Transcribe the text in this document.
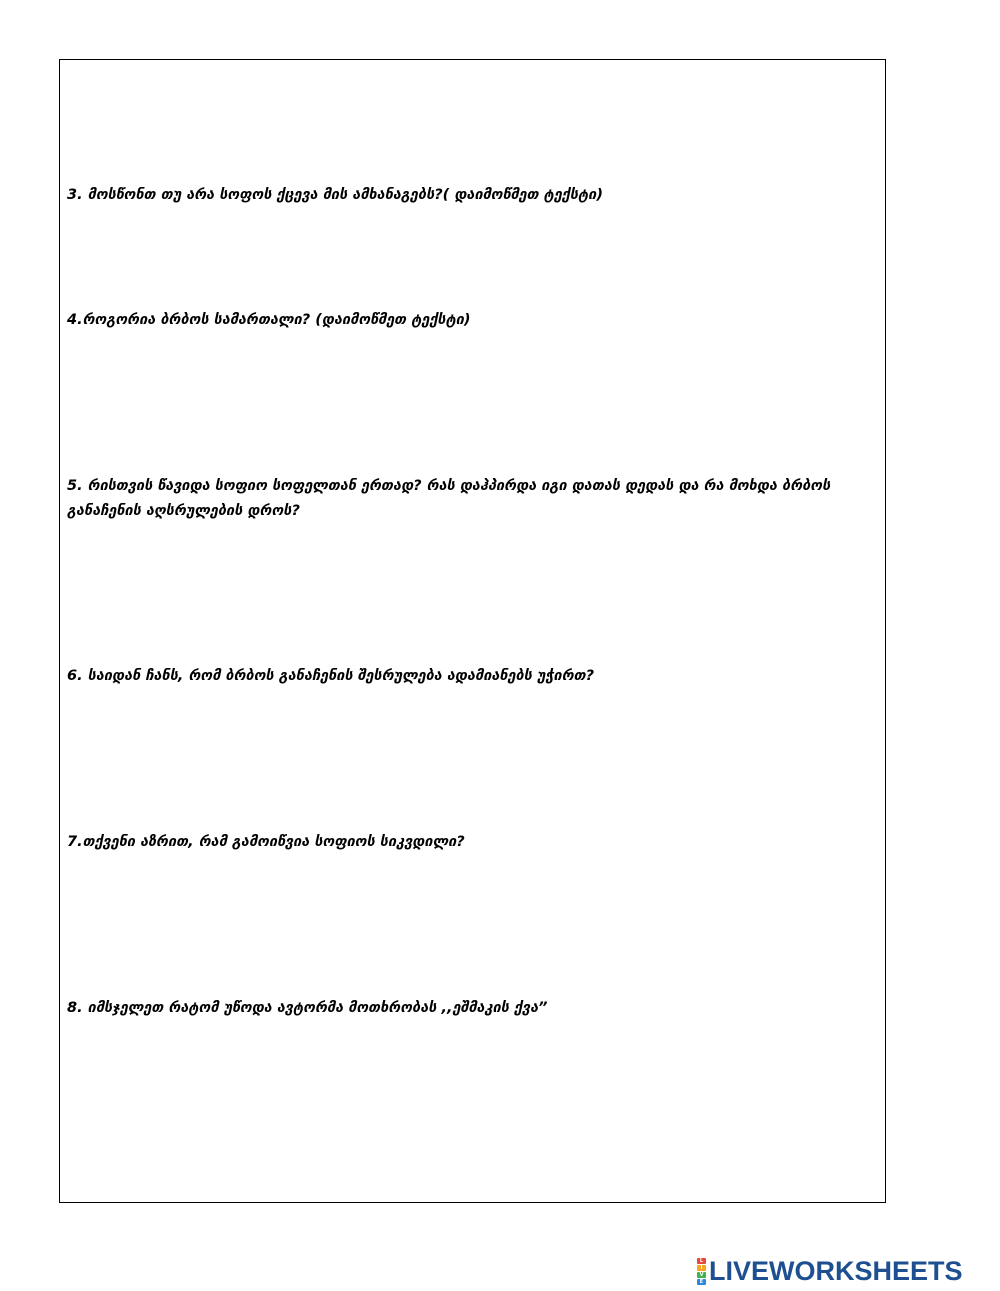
3. მოსწონთ თუ არა სოფოს ქცევა მის ამხანაგებს?( დაიმოწმეთ ტექსტი)

4.როგორია ბრბოს სამართალი? (დაიმოწმეთ ტექსტი)

5. რისთვის წავიდა სოფიო სოფელთან ერთად? რას დაჰპირდა იგი დათას დედას და რა მოხდა ბრბოს განაჩენის აღსრულების დროს?

6. საიდან ჩანს, რომ ბრბოს განაჩენის შესრულება ადამიანებს უჭირთ?

7.თქვენი აზრით, რამ გამოიწვია სოფიოს სიკვდილი?

8. იმსჯელეთ რატომ უწოდა ავტორმა მოთხრობას ,,ეშმაკის ქვა”

L
I
V
E LIVEWORKSHEETS
